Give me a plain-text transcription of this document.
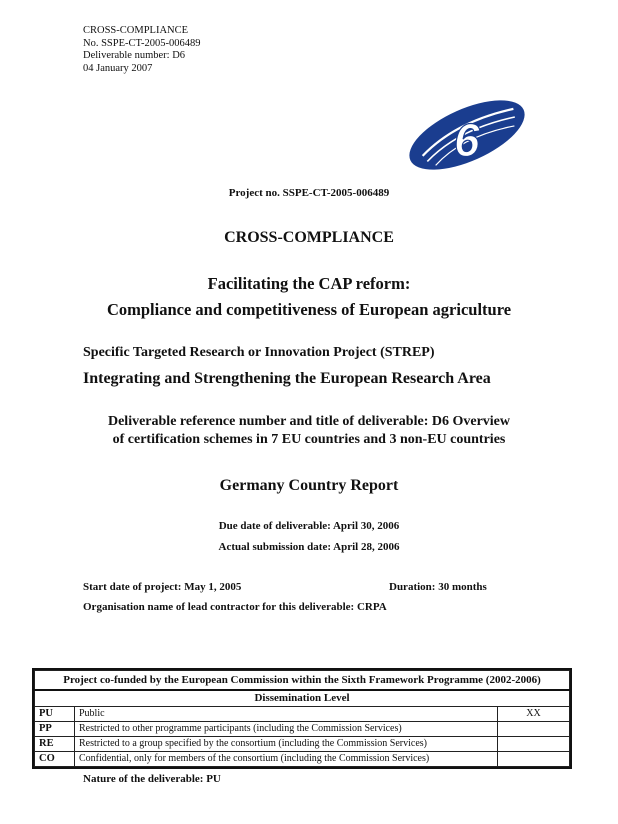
CROSS-COMPLIANCE
No. SSPE-CT-2005-006489
Deliverable number: D6
04 January 2007
6
Project no. SSPE-CT-2005-006489
CROSS-COMPLIANCE
Facilitating the CAP reform:
Compliance and competitiveness of European agriculture
Specific Targeted Research or Innovation Project (STREP)
Integrating and Strengthening the European Research Area
Deliverable reference number and title of deliverable: D6 Overview
of certification schemes in 7 EU countries and 3 non-EU countries
Germany Country Report
Due date of deliverable: April 30, 2006
Actual submission date: April 28, 2006
Start date of project: May 1, 2005	Duration: 30 months
Organisation name of lead contractor for this deliverable: CRPA
Project co-funded by the European Commission within the Sixth Framework Programme (2002-2006)		
Dissemination Level		
PU	Public	XX
PP	Restricted to other programme participants (including the Commission Services)	
RE	Restricted to a group specified by the consortium (including the Commission Services)	
CO	Confidential, only for members of the consortium (including the Commission Services)	
Nature of the deliverable: PU
